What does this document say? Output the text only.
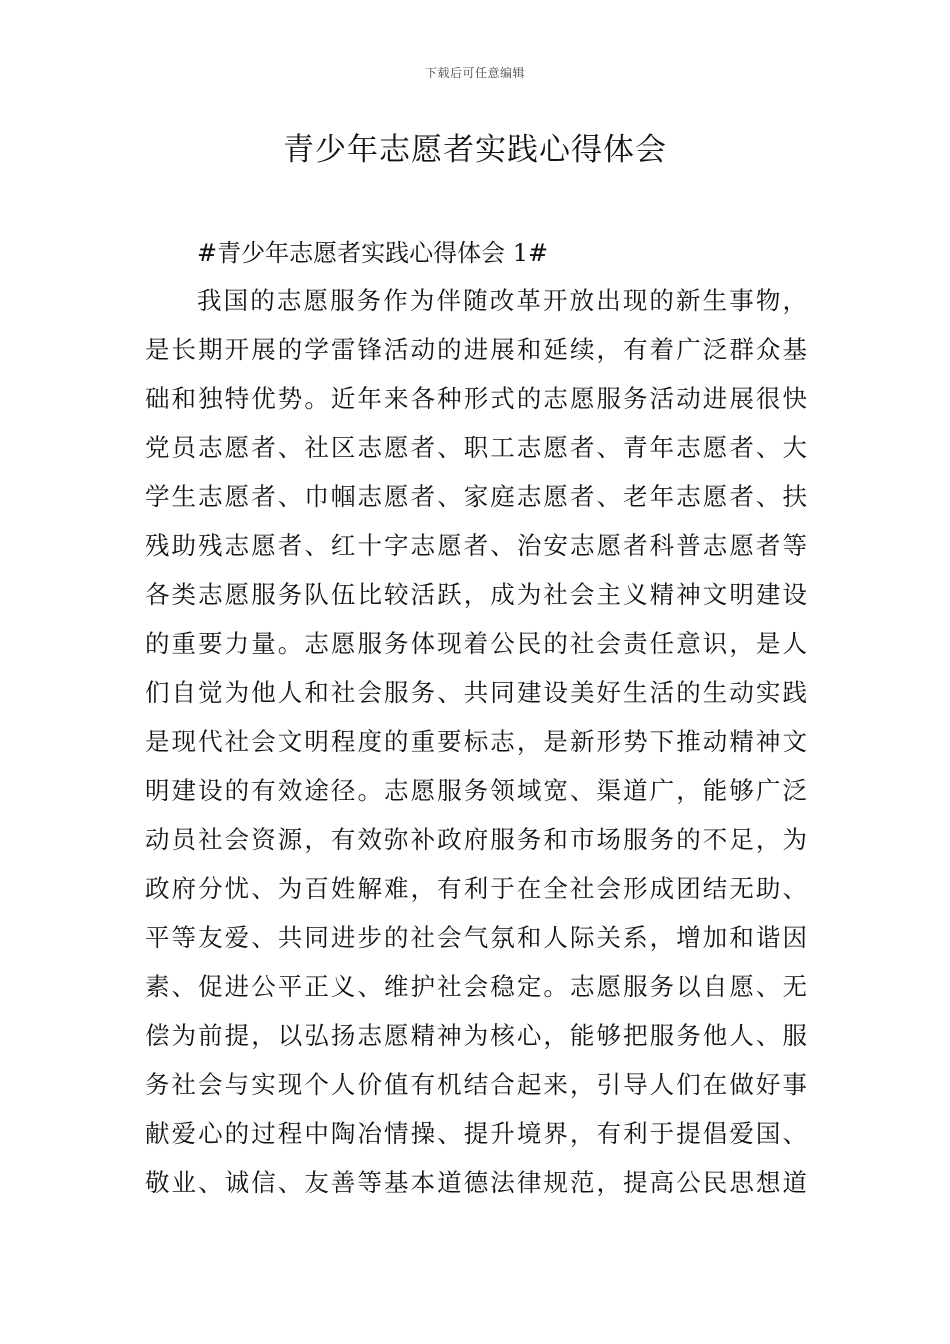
下载后可任意编辑
青少年志愿者实践心得体会
#青少年志愿者实践心得体会 1#
我国的志愿服务作为伴随改革开放出现的新生事物，
是长期开展的学雷锋活动的进展和延续，有着广泛群众基
础和独特优势。近年来各种形式的志愿服务活动进展很快
党员志愿者、社区志愿者、职工志愿者、青年志愿者、大
学生志愿者、巾帼志愿者、家庭志愿者、老年志愿者、扶
残助残志愿者、红十字志愿者、治安志愿者科普志愿者等
各类志愿服务队伍比较活跃，成为社会主义精神文明建设
的重要力量。志愿服务体现着公民的社会责任意识，是人
们自觉为他人和社会服务、共同建设美好生活的生动实践
是现代社会文明程度的重要标志，是新形势下推动精神文
明建设的有效途径。志愿服务领域宽、渠道广，能够广泛
动员社会资源，有效弥补政府服务和市场服务的不足，为
政府分忧、为百姓解难，有利于在全社会形成团结无助、
平等友爱、共同进步的社会气氛和人际关系，增加和谐因
素、促进公平正义、维护社会稳定。志愿服务以自愿、无
偿为前提，以弘扬志愿精神为核心，能够把服务他人、服
务社会与实现个人价值有机结合起来，引导人们在做好事
献爱心的过程中陶冶情操、提升境界，有利于提倡爱国、
敬业、诚信、友善等基本道德法律规范，提高公民思想道
